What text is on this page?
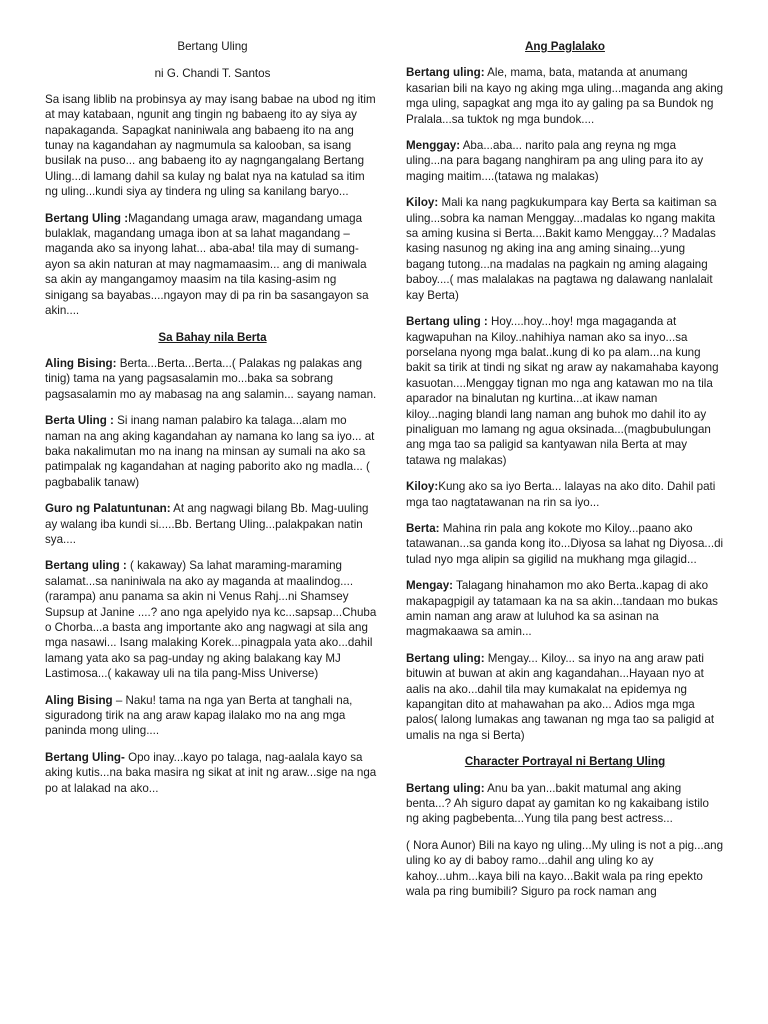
Bertang Uling
ni G. Chandi T. Santos

Sa isang liblib na probinsya ay may isang babae na ubod ng itim at may katabaan, ngunit ang tingin ng babaeng ito ay siya ay napakaganda. Sapagkat naniniwala ang babaeng ito na ang tunay na kagandahan ay nagmumula sa kalooban, sa isang busilak na puso... ang babaeng ito ay nagngangalang Bertang Uling...di lamang dahil sa kulay ng balat nya na katulad sa itim ng uling...kundi siya ay tindera ng uling sa kanilang baryo...

Bertang Uling :Magandang umaga araw, magandang umaga bulaklak, magandang umaga ibon at sa lahat magandang –maganda ako sa inyong lahat... aba-aba! tila may di sumang-ayon sa akin naturan at may nagmamaasim... ang di maniwala sa akin ay mangangamoy maasim na tila kasing-asim ng sinigang sa bayabas....ngayon may di pa rin ba sasangayon sa akin....

Sa Bahay nila Berta

Aling Bising: Berta...Berta...Berta...( Palakas ng palakas ang tinig) tama na yang pagsasalamin mo...baka sa sobrang pagsasalamin mo ay mabasag na ang salamin... sayang naman.

Berta Uling : Si inang naman palabiro ka talaga...alam mo naman na ang aking kagandahan ay namana ko lang sa iyo... at baka nakalimutan mo na inang na minsan ay sumali na ako sa patimpalak ng kagandahan at naging paborito ako ng madla... ( pagbabalik tanaw)

Guro ng Palatuntunan: At ang nagwagi bilang Bb. Mag-uuling ay walang iba kundi si.....Bb. Bertang Uling...palakpakan natin sya....

Bertang uling : ( kakaway) Sa lahat maraming-maraming salamat...sa naniniwala na ako ay maganda at maalindog....(rarampa) anu panama sa akin ni Venus Rahj...ni Shamsey Supsup at Janine ....? ano nga apelyido nya kc...sapsap...Chuba o Chorba...a basta ang importante ako ang nagwagi at sila ang mga nasawi... Isang malaking Korek...pinagpala yata ako...dahil lamang yata ako sa pag-unday ng aking balakang kay MJ Lastimosa...( kakaway uli na tila pang-Miss Universe)

Aling Bising – Naku! tama na nga yan Berta at tanghali na, siguradong tirik na ang araw kapag ilalako mo na ang mga paninda mong uling....

Bertang Uling- Opo inay...kayo po talaga, nag-aalala kayo sa aking kutis...na baka masira ng sikat at init ng araw...sige na nga po at lalakad na ako...

Ang Paglalako

Bertang uling: Ale, mama, bata, matanda at anumang kasarian bili na kayo ng aking mga uling...maganda ang aking mga uling, sapagkat ang mga ito ay galing pa sa Bundok ng Pralala...sa tuktok ng mga bundok....

Menggay: Aba...aba... narito pala ang reyna ng mga uling...na para bagang nanghiram pa ang uling para ito ay maging maitim....(tatawa ng malakas)

Kiloy: Mali ka nang pagkukumpara kay Berta sa kaitiman sa uling...sobra ka naman Menggay...madalas ko ngang makita sa aming kusina si Berta....Bakit kamo Menggay...? Madalas kasing nasunog ng aking ina ang aming sinaing...yung bagang tutong...na madalas na pagkain ng aming alagaing baboy....( mas malalakas na pagtawa ng dalawang nanlalait kay Berta)

Bertang uling : Hoy....hoy...hoy! mga magaganda at kagwapuhan na Kiloy..nahihiya naman ako sa inyo...sa porselana nyong mga balat..kung di ko pa alam...na kung bakit sa tirik at tindi ng sikat ng araw ay nakamahaba kayong kasuotan....Menggay tignan mo nga ang katawan mo na tila aparador na binalutan ng kurtina...at ikaw naman kiloy...naging blandi lang naman ang buhok mo dahil ito ay pinaliguan mo lamang ng agua oksinada...(magbubulungan ang mga tao sa paligid sa kantyawan nila Berta at may tatawa ng malakas)

Kiloy:Kung ako sa iyo Berta... lalayas na ako dito. Dahil pati mga tao nagtatawanan na rin sa iyo...

Berta: Mahina rin pala ang kokote mo Kiloy...paano ako tatawanan...sa ganda kong ito...Diyosa sa lahat ng Diyosa...di tulad nyo mga alipin sa gigilid na mukhang mga gilagid...

Mengay: Talagang hinahamon mo ako Berta..kapag di ako makapagpigil ay tatamaan ka na sa akin...tandaan mo bukas amin naman ang araw at luluhod ka sa asinan na magmakaawa sa amin...

Bertang uling: Mengay... Kiloy... sa inyo na ang araw pati bituwin at buwan at akin ang kagandahan...Hayaan nyo at aalis na ako...dahil tila may kumakalat na epidemya ng kapangitan dito at mahawahan pa ako... Adios mga mga palos( lalong lumakas ang tawanan ng mga tao sa paligid at umalis na nga si Berta)

Character Portrayal ni Bertang Uling

Bertang uling: Anu ba yan...bakit matumal ang aking benta...? Ah siguro dapat ay gamitan ko ng kakaibang istilo ng aking pagbebenta...Yung tila pang best actress...

( Nora Aunor) Bili na kayo ng uling...My uling is not a pig...ang uling ko ay di baboy ramo...dahil ang uling ko ay kahoy...uhm...kaya bili na kayo...Bakit wala pa ring epekto wala pa ring bumibili? Siguro pa rock naman ang
